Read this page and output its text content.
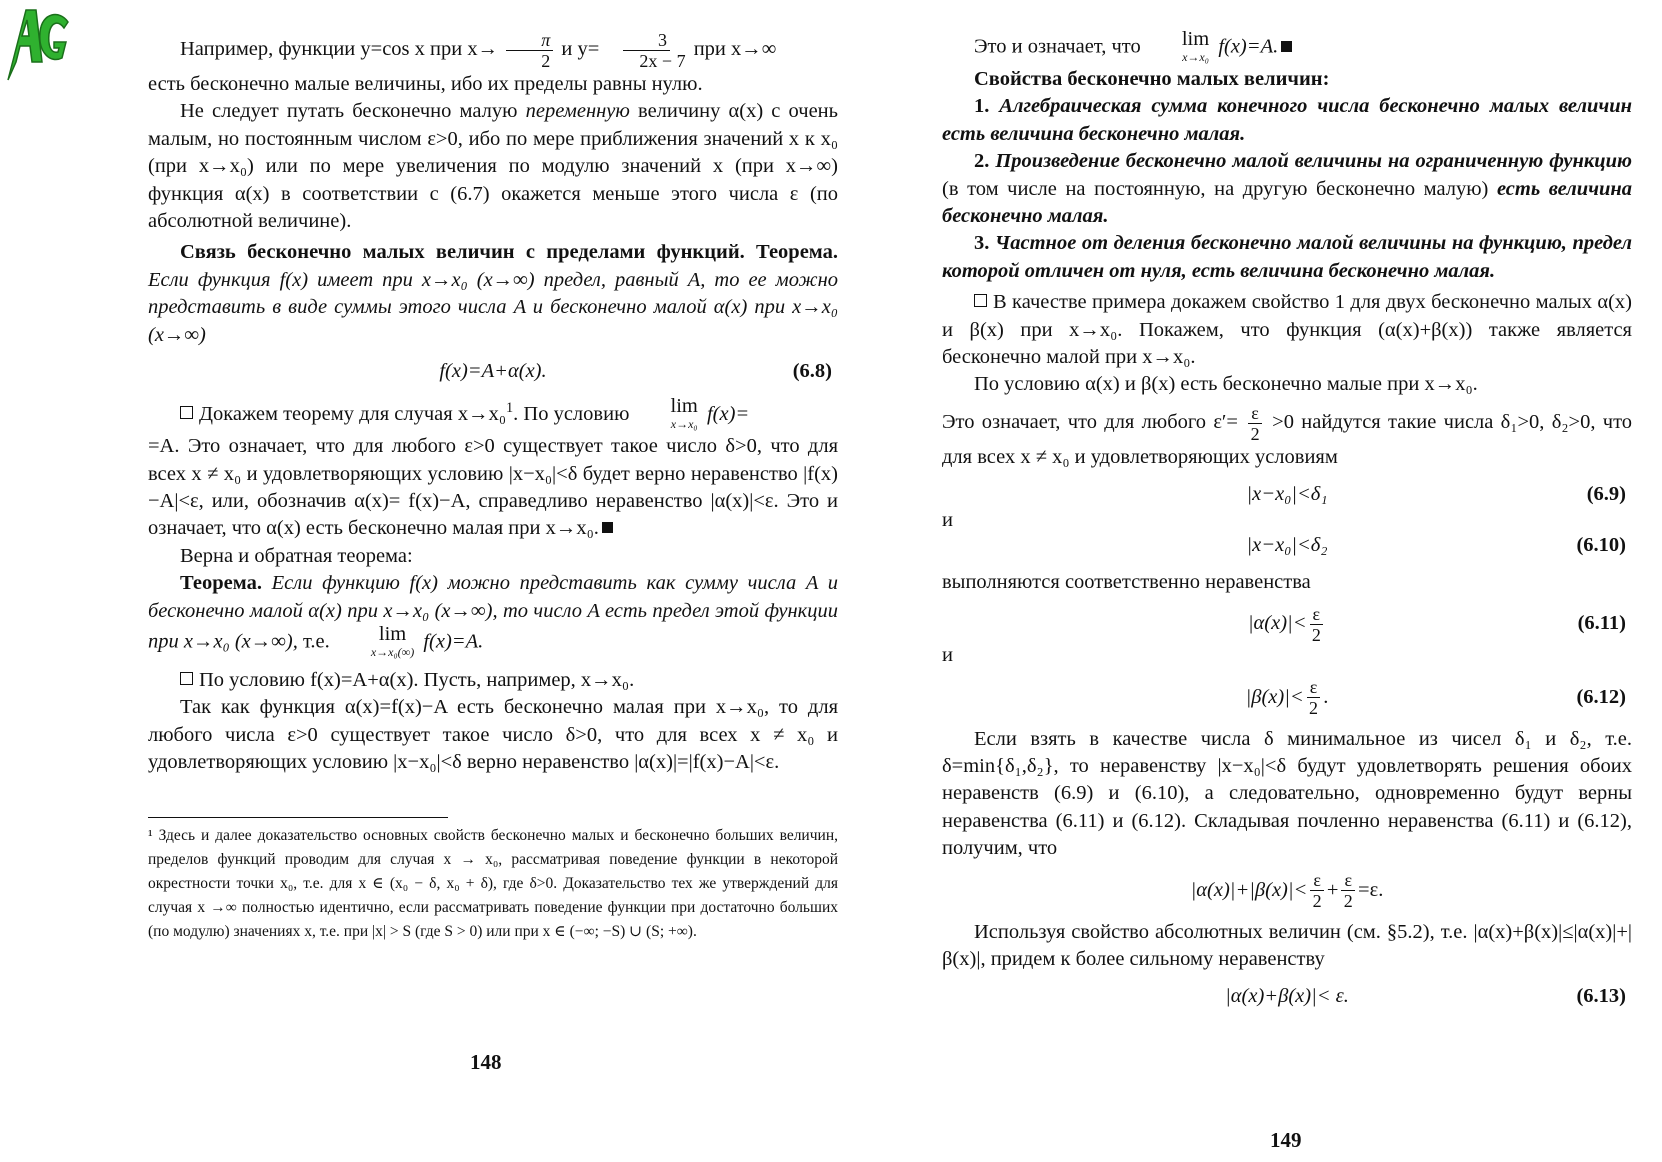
Например, функции y=cos x при $x\to \frac{\pi}{2}$ и $y= \frac{3}{2x - 7}$ при x→∞

есть бесконечно малые величины, ибо их пределы равны нулю.

Не следует путать бесконечно малую переменную величину α(x) с очень малым, но постоянным числом ε>0, ибо по мере приближения значений x к x₀ (при x→x₀) или по мере увеличения по модулю значений x (при x→∞) функция α(x) в соответствии с (6.7) окажется меньше этого числа ε (по абсолютной величине).

Связь бесконечно малых величин с пределами функций. Теорема. Если функция f(x) имеет при x→x₀ (x→∞) предел, равный A, то ее можно представить в виде суммы этого числа A и бесконечно малой α(x) при x→x₀ (x→∞)

f(x)=A+α(x).	(6.8)

Докажем теорему для случая x→x₀$^1$. По условию	lim
x→x₀ f(x)=

=A. Это означает, что для любого ε>0 существует такое число δ>0, что для всех x ≠ x₀ и удовлетворяющих условию |x−x₀|<δ будет верно неравенство |f(x)−A|<ε, или, обозначив α(x)= f(x)−A, справедливо неравенство |α(x)|<ε. Это и означает, что α(x) есть бесконечно малая при x→x₀.

Верна и обратная теорема:

Теорема. Если функцию f(x) можно представить как сумму числа A и бесконечно малой α(x) при x→x₀ (x→∞), то число A есть предел этой функции при x→x₀ (x→∞), т.е.	lim
x→x₀(∞) f(x)=A.

По условию f(x)=A+α(x). Пусть, например, x→x₀.

Так как функция α(x)=f(x)−A есть бесконечно малая при x→x₀, то для любого числа ε>0 существует такое число δ>0, что для всех x ≠ x₀ и удовлетворяющих условию |x−x₀|<δ верно неравенство |α(x)|=|f(x)−A|<ε.

¹ Здесь и далее доказательство основных свойств бесконечно малых и бесконечно больших величин, пределов функций проводим для случая x → x₀, рассматривая поведение функции в некоторой окрестности точки x₀, т.е. для x ∈ (x₀ − δ, x₀ + δ), где δ>0. Доказательство тех же утверждений для случая x →∞ полностью идентично, если рассматривать поведение функции при достаточно больших (по модулю) значениях x, т.е. при |x| > S (где S > 0) или при x ∈ (−∞; −S) ∪ (S; +∞).

148

Это и означает, что	lim
x→x₀ f(x)=A.

Свойства бесконечно малых величин:

1. Алгебраическая сумма конечного числа бесконечно малых величин есть величина бесконечно малая.

2. Произведение бесконечно малой величины на ограниченную функцию (в том числе на постоянную, на другую бесконечно малую) есть величина бесконечно малая.

3. Частное от деления бесконечно малой величины на функцию, предел которой отличен от нуля, есть величина бесконечно малая.

В качестве примера докажем свойство 1 для двух бесконечно малых α(x) и β(x) при x→x₀. Покажем, что функция (α(x)+β(x)) также является бесконечно малой при x→x₀.

По условию α(x) и β(x) есть бесконечно малые при x→x₀.

Это означает, что для любого $\varepsilon'= \frac{\varepsilon}{2} >0$ найдутся такие числа δ₁>0, δ₂>0, что для всех x ≠ x₀ и удовлетворяющих условиям

|x−x₀|<δ₁	(6.9)

и

|x−x₀|<δ₂	(6.10)

выполняются соответственно неравенства

$|\alpha(x)|< \frac{\varepsilon}{2}$	(6.11)

и

$|\beta(x)|< \frac{\varepsilon}{2}$ .	(6.12)

Если взять в качестве числа δ минимальное из чисел δ₁ и δ₂, т.е. δ=min{δ₁,δ₂}, то неравенству |x−x₀|<δ будут удовлетворять решения обоих неравенств (6.9) и (6.10), а следовательно, одновременно будут верны неравенства (6.11) и (6.12). Складывая почленно неравенства (6.11) и (6.12), получим, что

$|\alpha(x)|+|\beta(x)|< \frac{\varepsilon}{2} + \frac{\varepsilon}{2} =\varepsilon$.

Используя свойство абсолютных величин (см. §5.2), т.е. |α(x)+β(x)|≤|α(x)|+|β(x)|, придем к более сильному неравенству

|α(x)+β(x)|< ε.	(6.13)
149
